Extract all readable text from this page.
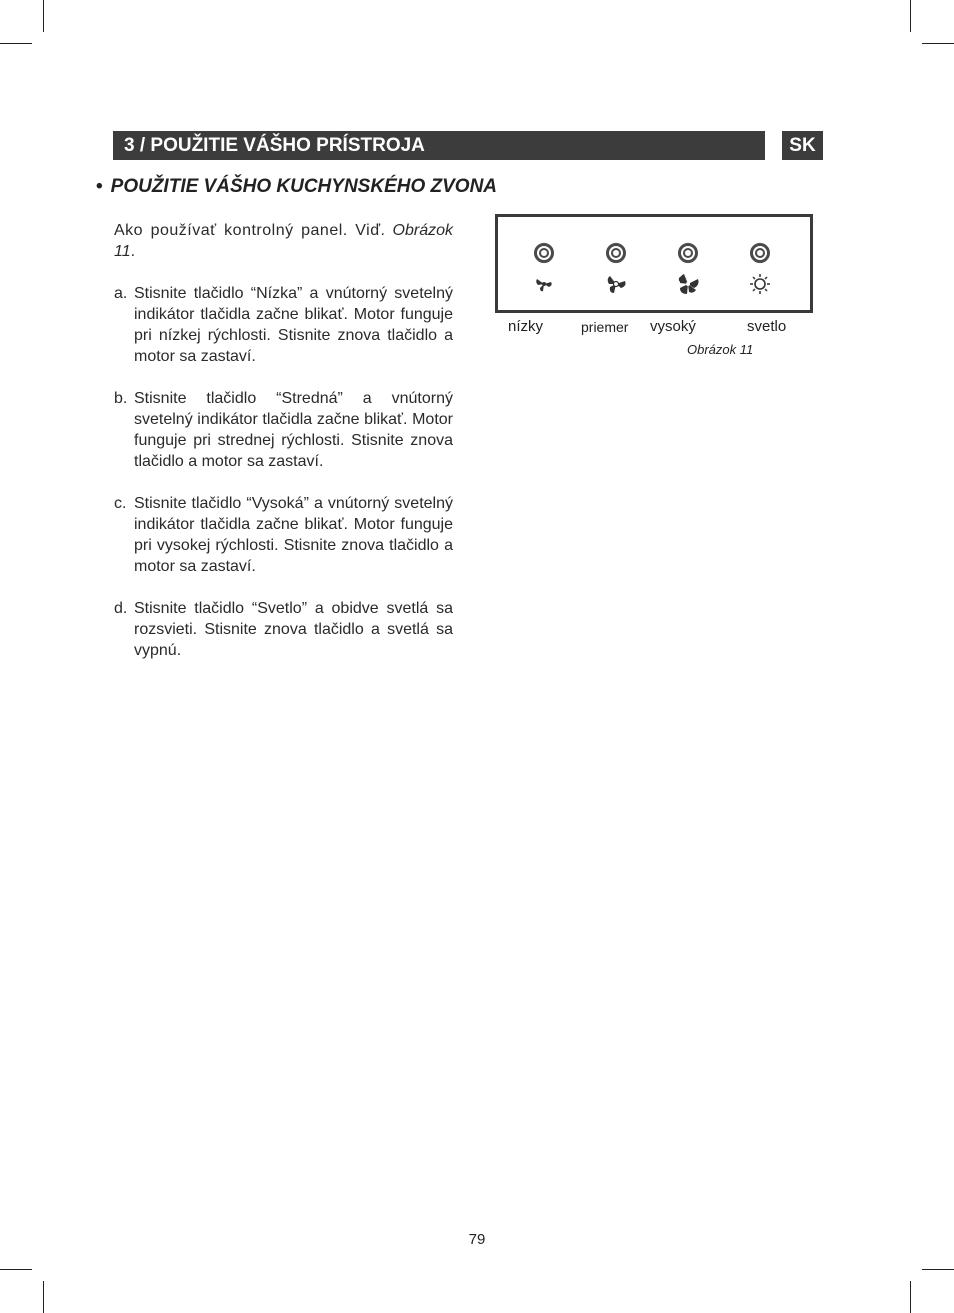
3 / POUŽITIE VÁŠHO PRÍSTROJA	SK
• POUŽITIE VÁŠHO KUCHYNSKÉHO ZVONA

Ako používať kontrolný panel. Viď. Obrázok 11.

a. Stisnite tlačidlo “Nízka” a vnútorný svetelný indikátor tlačidla začne blikať. Motor funguje pri nízkej rýchlosti. Stisnite znova tlačidlo a motor sa zastaví.
b. Stisnite tlačidlo “Stredná” a vnútorný svetelný indikátor tlačidla začne blikať. Motor funguje pri strednej rýchlosti. Stisnite znova tlačidlo a motor sa zastaví.
c. Stisnite tlačidlo “Vysoká” a vnútorný svetelný indikátor tlačidla začne blikať. Motor funguje pri vysokej rýchlosti. Stisnite znova tlačidlo a motor sa zastaví.
d. Stisnite tlačidlo “Svetlo” a obidve svetlá sa rozsvieti. Stisnite znova tlačidlo a svetlá sa vypnú.
nízky	priemer vysoký	svetlo
Obrázok 11
79
